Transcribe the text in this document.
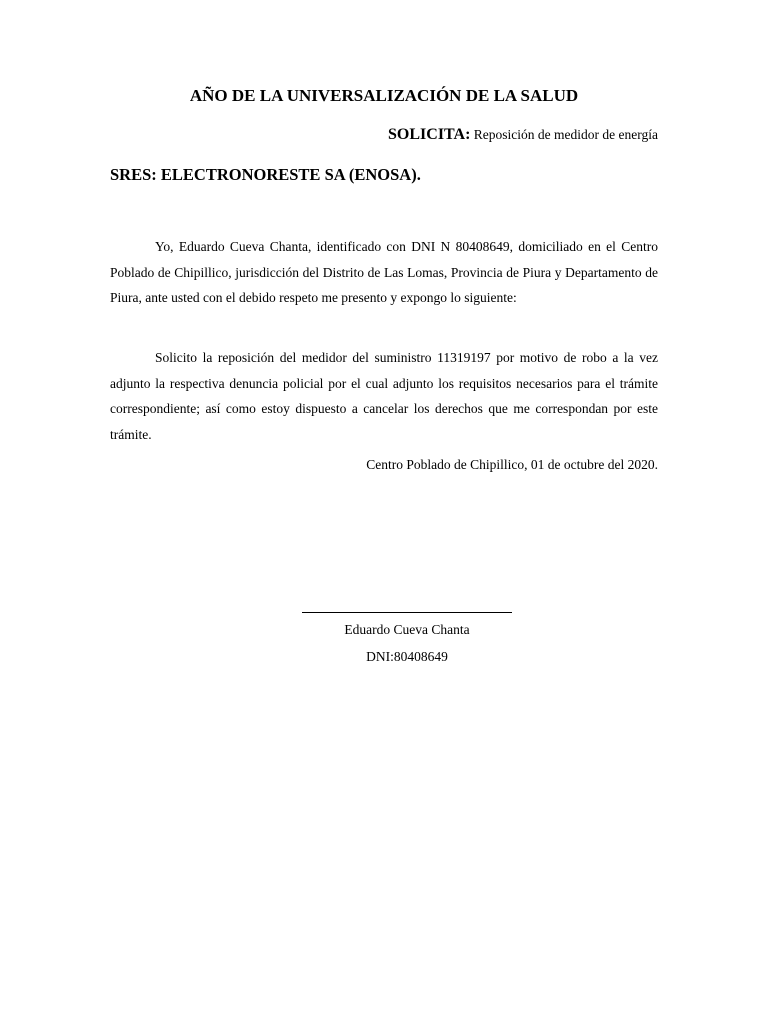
AÑO DE LA UNIVERSALIZACIÓN DE LA SALUD
SOLICITA: Reposición de medidor de energía
SRES: ELECTRONORESTE SA (ENOSA).

Yo, Eduardo Cueva Chanta, identificado con DNI N 80408649, domiciliado en el Centro Poblado de Chipillico, jurisdicción del Distrito de Las Lomas, Provincia de Piura y Departamento de Piura, ante usted con el debido respeto me presento y expongo lo siguiente:

Solicito la reposición del medidor del suministro 11319197 por motivo de robo a la vez adjunto la respectiva denuncia policial por el cual adjunto los requisitos necesarios para el trámite correspondiente; así como estoy dispuesto a cancelar los derechos que me correspondan por este trámite.

Centro Poblado de Chipillico, 01 de octubre del 2020.
Eduardo Cueva Chanta
DNI:80408649
